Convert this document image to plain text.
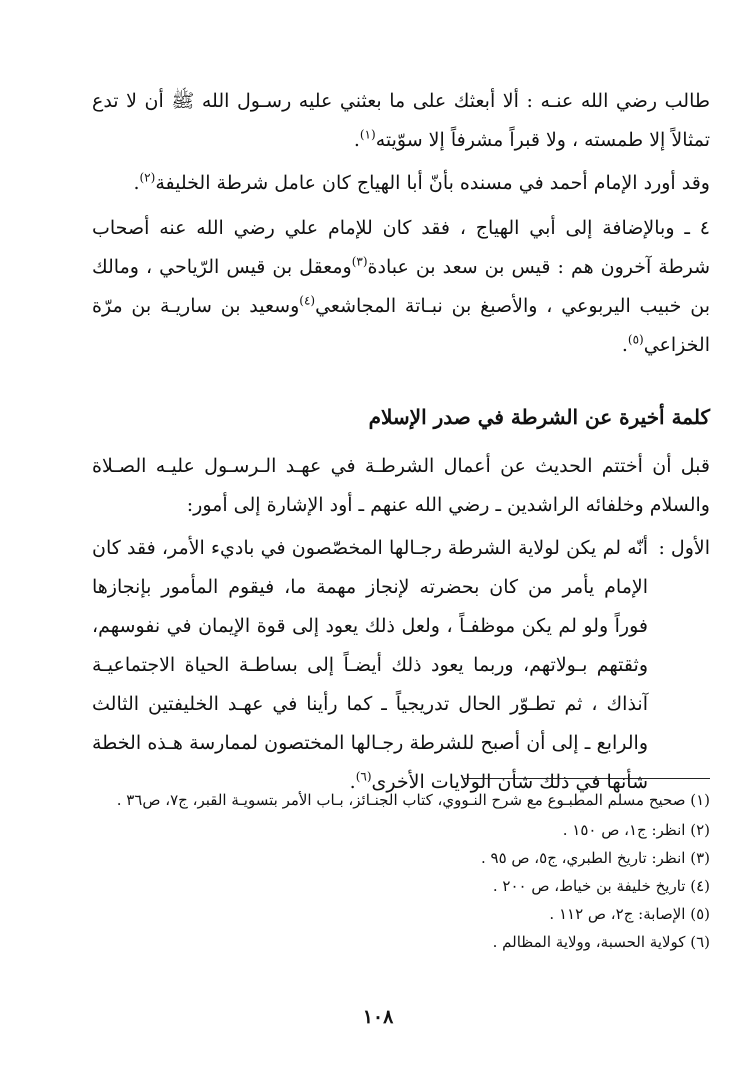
طالب رضي الله عنـه : ألا أبعثك على ما بعثني عليه رسـول الله ﷺ أن لا تدع تمثالاً إلا طمسته ، ولا قبراً مشرفاً إلا سوّيته$^{(١)}$.

وقد أورد الإمام أحمد في مسنده بأنّ أبا الهياج كان عامل شرطة الخليفة$^{(٢)}$.

٤ ـ وبالإضافة إلى أبي الهياج ، فقد كان للإمام علي رضي الله عنه أصحاب شرطة آخرون هم : قيس بن سعد بن عبادة$^{(٣)}$ومعقل بن قيس الرّياحي ، ومالك بن خبيب اليربوعي ، والأصبغ بن نبـاتة المجاشعي$^{(٤)}$وسعيد بن ساريـة بن مرّة الخزاعي$^{(٥)}$.

كلمة أخيرة عن الشرطة في صدر الإسلام

قبل أن أختتم الحديث عن أعمال الشرطـة في عهـد الـرسـول عليـه الصـلاة والسلام وخلفائه الراشدين ـ رضي الله عنهم ـ أود الإشارة إلى أمور:

الأول :
أنّه لم يكن لولاية الشرطة رجـالها المخصّصون في باديء الأمر، فقد كان الإمام يأمر من كان بحضرته لإنجاز مهمة ما، فيقوم المأمور بإنجازها فوراً ولو لم يكن موظفـاً ، ولعل ذلك يعود إلى قوة الإيمان في نفوسهم، وثقتهم بـولاتهم، وربما يعود ذلك أيضـاً إلى بساطـة الحياة الاجتماعيـة آنذاك ، ثم تطـوّر الحال تدريجياً ـ كما رأينا في عهـد الخليفتين الثالث والرابع ـ إلى أن أصبح للشرطة رجـالها المختصون لممارسة هـذه الخطة شأنها في ذلك شأن الولايات الأخرى$^{(٦)}$.

(١) صحيح مسلم المطبـوع مع شرح النـووي، كتاب الجنـائز، بـاب الأمر بتسويـة القبر، ج٧، ص٣٦ .

(٢) انظر: ج١، ص ١٥٠ .

(٣) انظر: تاريخ الطبري، ج٥، ص ٩٥ .

(٤) تاريخ خليفة بن خياط، ص ٢٠٠ .

(٥) الإصابة: ج٢، ص ١١٢ .

(٦) كولاية الحسبة، وولاية المظالم .

١٠٨
